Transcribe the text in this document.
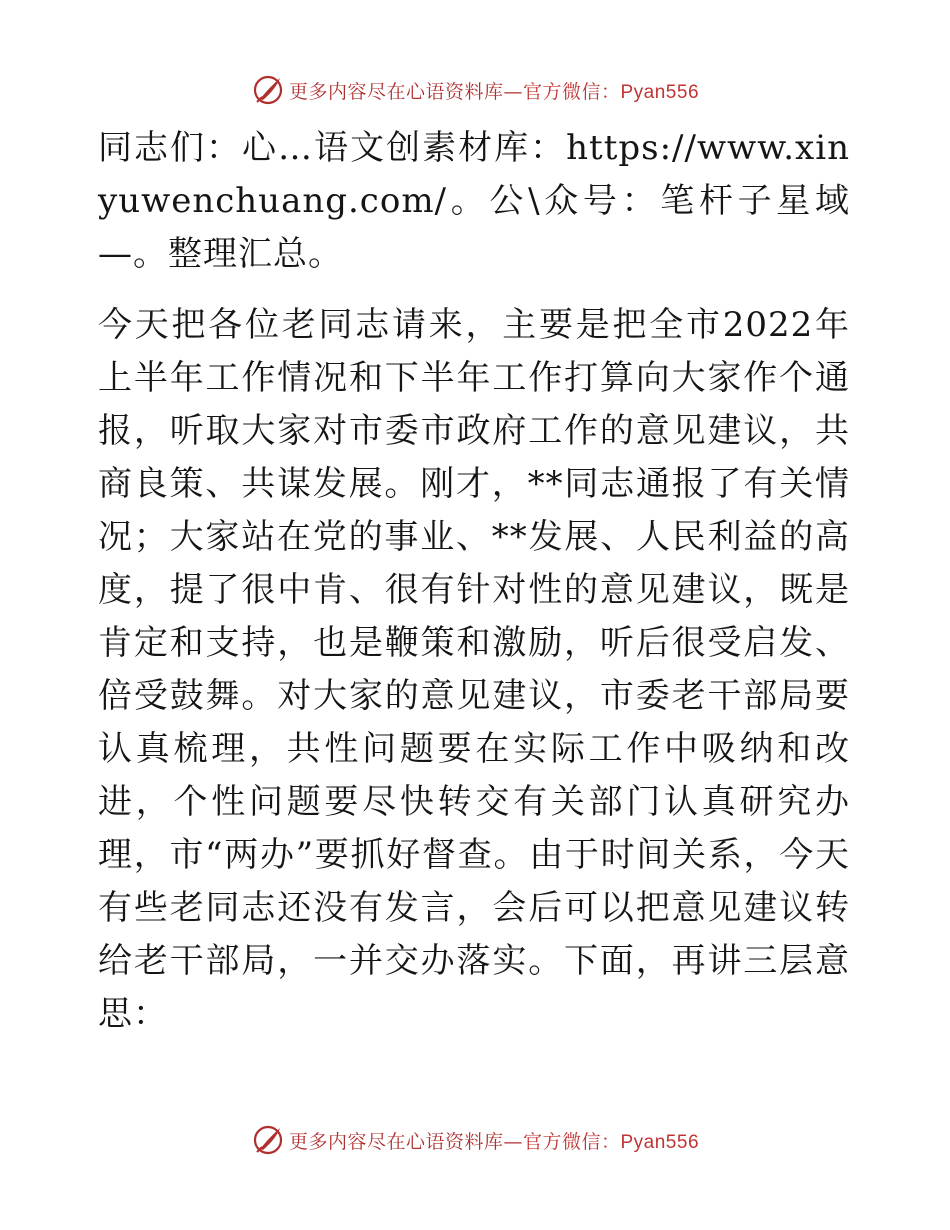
更多内容尽在心语资料库—官方微信：Pyan556

同志们：心…语文创素材库：https://www.xinyuwenchuang.com/。公\众号：笔杆子星域—。整理汇总。

今天把各位老同志请来，主要是把全市2022年上半年工作情况和下半年工作打算向大家作个通报，听取大家对市委市政府工作的意见建议，共商良策、共谋发展。刚才，**同志通报了有关情况；大家站在党的事业、**发展、人民利益的高度，提了很中肯、很有针对性的意见建议，既是肯定和支持，也是鞭策和激励，听后很受启发、倍受鼓舞。对大家的意见建议，市委老干部局要认真梳理，共性问题要在实际工作中吸纳和改进，个性问题要尽快转交有关部门认真研究办理，市“两办”要抓好督查。由于时间关系，今天有些老同志还没有发言，会后可以把意见建议转给老干部局，一并交办落实。下面，再讲三层意思：

更多内容尽在心语资料库—官方微信：Pyan556
